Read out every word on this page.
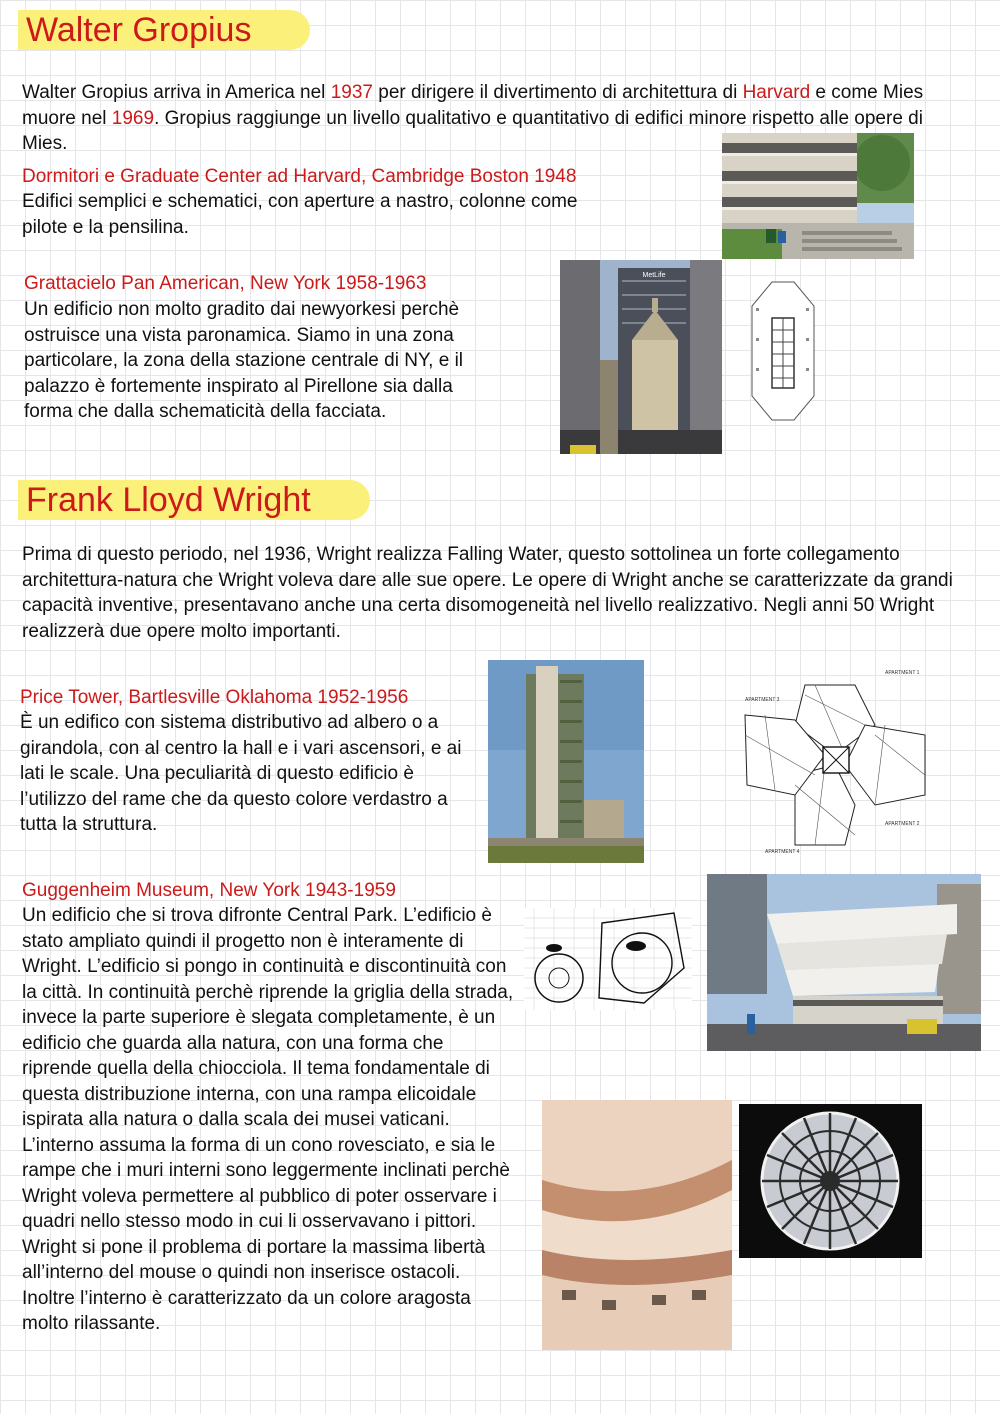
Walter Gropius

Walter Gropius arriva in America nel 1937 per dirigere il divertimento di architettura di Harvard e come Mies muore nel 1969. Gropius raggiunge un livello qualitativo e quantitativo di edifici minore rispetto alle opere di Mies.

Dormitori e Graduate Center ad Harvard, Cambridge Boston 1948

Edifici semplici e schematici, con aperture a nastro, colonne come pilote e la pensilina.

Grattacielo Pan American, New York 1958-1963

Un edificio non molto gradito dai newyorkesi perchè ostruisce una vista paronamica. Siamo in una zona particolare, la zona della stazione centrale di NY, e il palazzo è fortemente inspirato al Pirellone sia dalla forma che dalla schematicità della facciata.

MetLife
Frank Lloyd Wright

Prima di questo periodo, nel 1936, Wright realizza Falling Water, questo sottolinea un forte collegamento architettura-natura che Wright voleva dare alle sue opere. Le opere di Wright anche se caratterizzate da grandi capacità inventive, presentavano anche una certa disomogeneità nel livello realizzativo. Negli anni 50 Wright realizzerà due opere molto importanti.

Price Tower, Bartlesville Oklahoma 1952-1956

È un edifico con sistema distributivo ad albero o a girandola, con al centro la hall e i vari ascensori, e ai lati le scale. Una peculiarità di questo edificio è l’utilizzo del rame che da questo colore verdastro a tutta la struttura.

APARTMENT 1
APARTMENT 3
APARTMENT 2
APARTMENT 4
Guggenheim Museum, New York 1943-1959

Un edificio che si trova difronte Central Park. L’edificio è stato ampliato quindi il progetto non è interamente di Wright. L’edificio si pongo in continuità e discontinuità con la città. In continuità perchè riprende la griglia della strada, invece la parte superiore è slegata completamente, è un edificio che guarda alla natura, con una forma che riprende quella della chiocciola. Il tema fondamentale di questa distribuzione interna, con una rampa elicoidale ispirata alla natura o dalla scala dei musei vaticani. L’interno assuma la forma di un cono rovesciato, e sia le rampe che i muri interni sono leggermente inclinati perchè Wright voleva permettere al pubblico di poter osservare i quadri nello stesso modo in cui li osservavano i pittori. Wright si pone il problema di portare la massima libertà all’interno del mouse o quindi non inserisce ostacoli. Inoltre l’interno è caratterizzato da un colore aragosta molto rilassante.
